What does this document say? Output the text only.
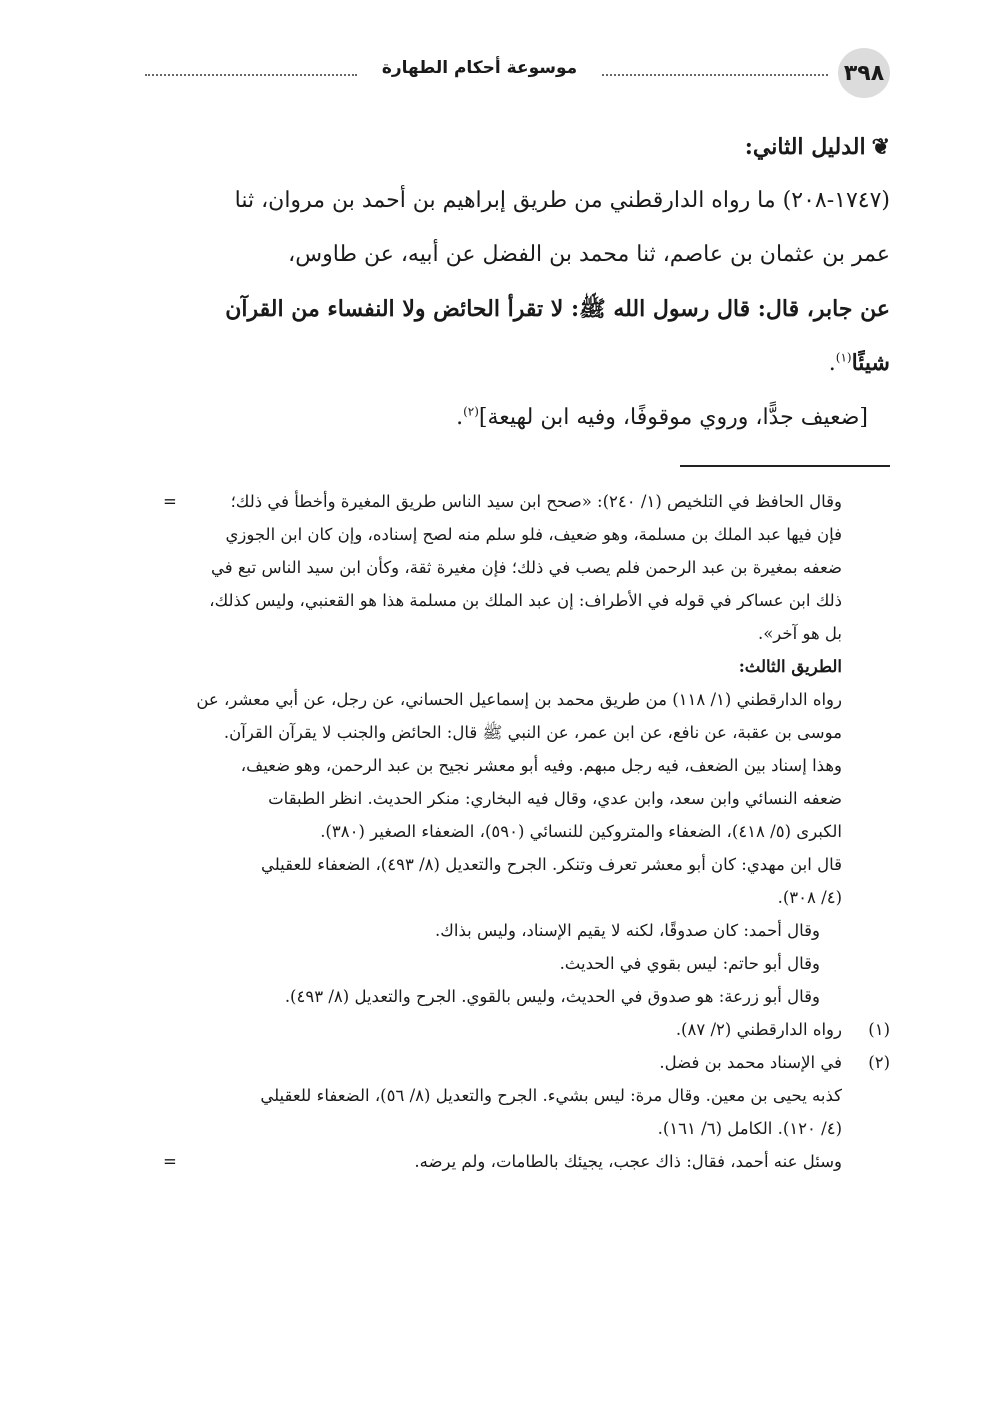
٣٩٨
موسوعة أحكام الطهارة
❦الدليل الثاني:
(١٧٤٧-٢٠٨) ما رواه الدارقطني من طريق إبراهيم بن أحمد بن مروان، ثنا
عمر بن عثمان بن عاصم، ثنا محمد بن الفضل عن أبيه، عن طاوس،
عن جابر، قال: قال رسول الله ﷺ: لا تقرأ الحائض ولا النفساء من القرآن
شيئًا$^{(١)}$.
[ضعيف جدًّا، وروي موقوفًا، وفيه ابن لهيعة]$^{(٢)}$.
وقال الحافظ في التلخيص (١/ ٢٤٠): «صحح ابن سيد الناس طريق المغيرة وأخطأ في ذلك؛
=
فإن فيها عبد الملك بن مسلمة، وهو ضعيف، فلو سلم منه لصح إسناده، وإن كان ابن الجوزي
ضعفه بمغيرة بن عبد الرحمن فلم يصب في ذلك؛ فإن مغيرة ثقة، وكأن ابن سيد الناس تبع في
ذلك ابن عساكر في قوله في الأطراف: إن عبد الملك بن مسلمة هذا هو القعنبي، وليس كذلك،
بل هو آخر».
الطريق الثالث:
رواه الدارقطني (١/ ١١٨) من طريق محمد بن إسماعيل الحساني، عن رجل، عن أبي معشر، عن
موسى بن عقبة، عن نافع، عن ابن عمر، عن النبي ﷺ قال: الحائض والجنب لا يقرآن القرآن.
وهذا إسناد بين الضعف، فيه رجل مبهم. وفيه أبو معشر نجيح بن عبد الرحمن، وهو ضعيف،
ضعفه النسائي وابن سعد، وابن عدي، وقال فيه البخاري: منكر الحديث. انظر الطبقات
الكبرى (٥/ ٤١٨)، الضعفاء والمتروكين للنسائي (٥٩٠)، الضعفاء الصغير (٣٨٠).
قال ابن مهدي: كان أبو معشر تعرف وتنكر. الجرح والتعديل (٨/ ٤٩٣)، الضعفاء للعقيلي
(٤/ ٣٠٨).
وقال أحمد: كان صدوقًا، لكنه لا يقيم الإسناد، وليس بذاك.
وقال أبو حاتم: ليس بقوي في الحديث.
وقال أبو زرعة: هو صدوق في الحديث، وليس بالقوي. الجرح والتعديل (٨/ ٤٩٣).
(١)رواه الدارقطني (٢/ ٨٧).
(٢)في الإسناد محمد بن فضل.
كذبه يحيى بن معين. وقال مرة: ليس بشيء. الجرح والتعديل (٨/ ٥٦)، الضعفاء للعقيلي
(٤/ ١٢٠). الكامل (٦/ ١٦١).
وسئل عنه أحمد، فقال: ذاك عجب، يجيئك بالطامات، ولم يرضه.
=
